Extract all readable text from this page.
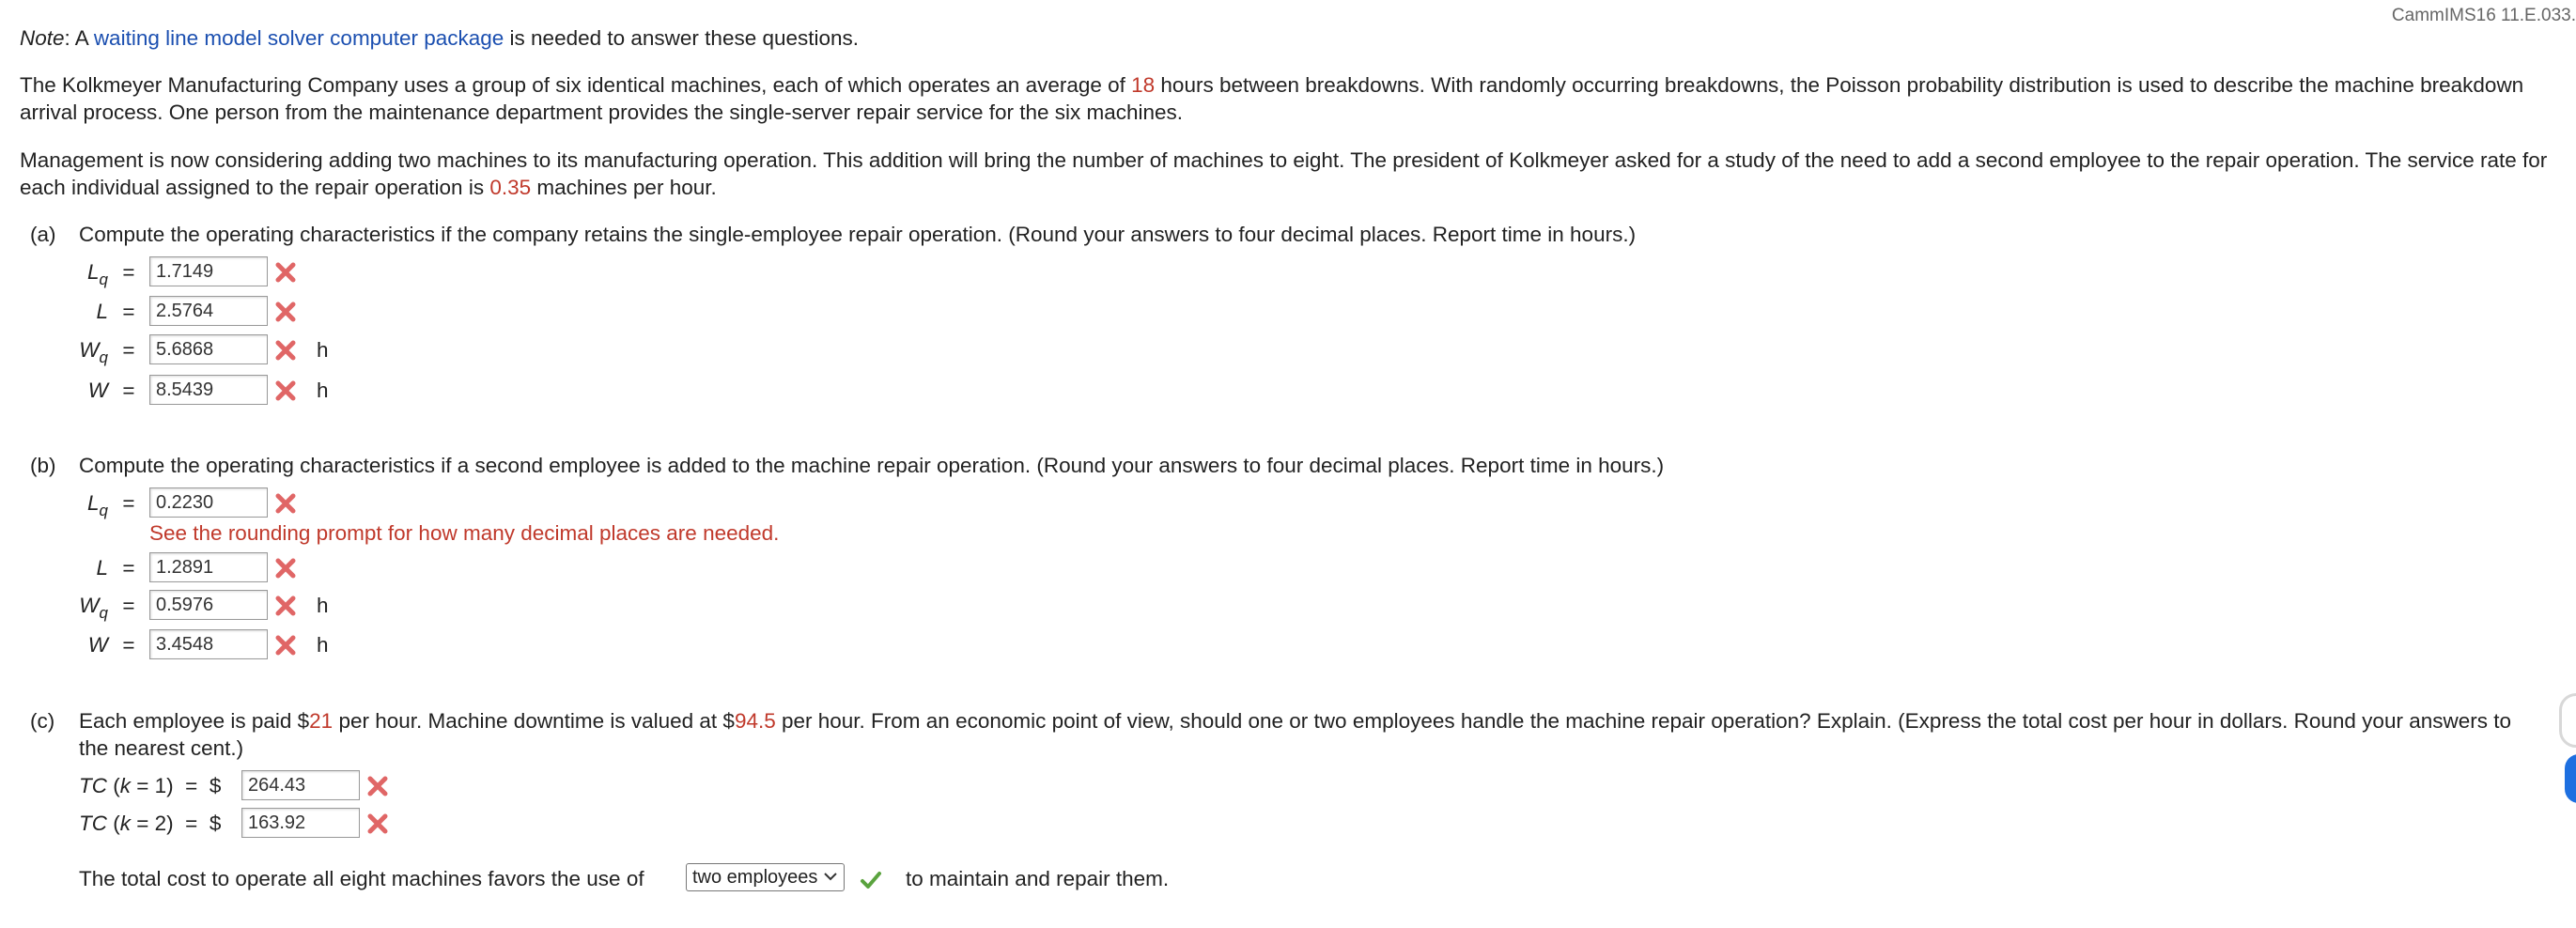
CammIMS16 11.E.033.
Note: A waiting line model solver computer package is needed to answer these questions.
The Kolkmeyer Manufacturing Company uses a group of six identical machines, each of which operates an average of 18 hours between breakdowns. With randomly occurring breakdowns, the Poisson probability distribution is used to describe the machine breakdown arrival process. One person from the maintenance department provides the single-server repair service for the six machines.
Management is now considering adding two machines to its manufacturing operation. This addition will bring the number of machines to eight. The president of Kolkmeyer asked for a study of the need to add a second employee to the repair operation. The service rate for each individual assigned to the repair operation is 0.35 machines per hour.
(a) Compute the operating characteristics if the company retains the single-employee repair operation. (Round your answers to four decimal places. Report time in hours.)
$L_q$ =	1.7149
L =	2.5764
$W_q$ =	5.6868	h
W =	8.5439	h
(b) Compute the operating characteristics if a second employee is added to the machine repair operation. (Round your answers to four decimal places. Report time in hours.)
$L_q$ =	0.2230
See the rounding prompt for how many decimal places are needed.
L =	1.2891
$W_q$ =	0.5976	h
W =	3.4548	h
(c) Each employee is paid $21 per hour. Machine downtime is valued at $94.5 per hour. From an economic point of view, should one or two employees handle the machine repair operation? Explain. (Express the total cost per hour in dollars. Round your answers to the nearest cent.)
TC (k = 1)  =  $	264.43
TC (k = 2)  =  $	163.92
The total cost to operate all eight machines favors the use of	two employees	to maintain and repair them.
